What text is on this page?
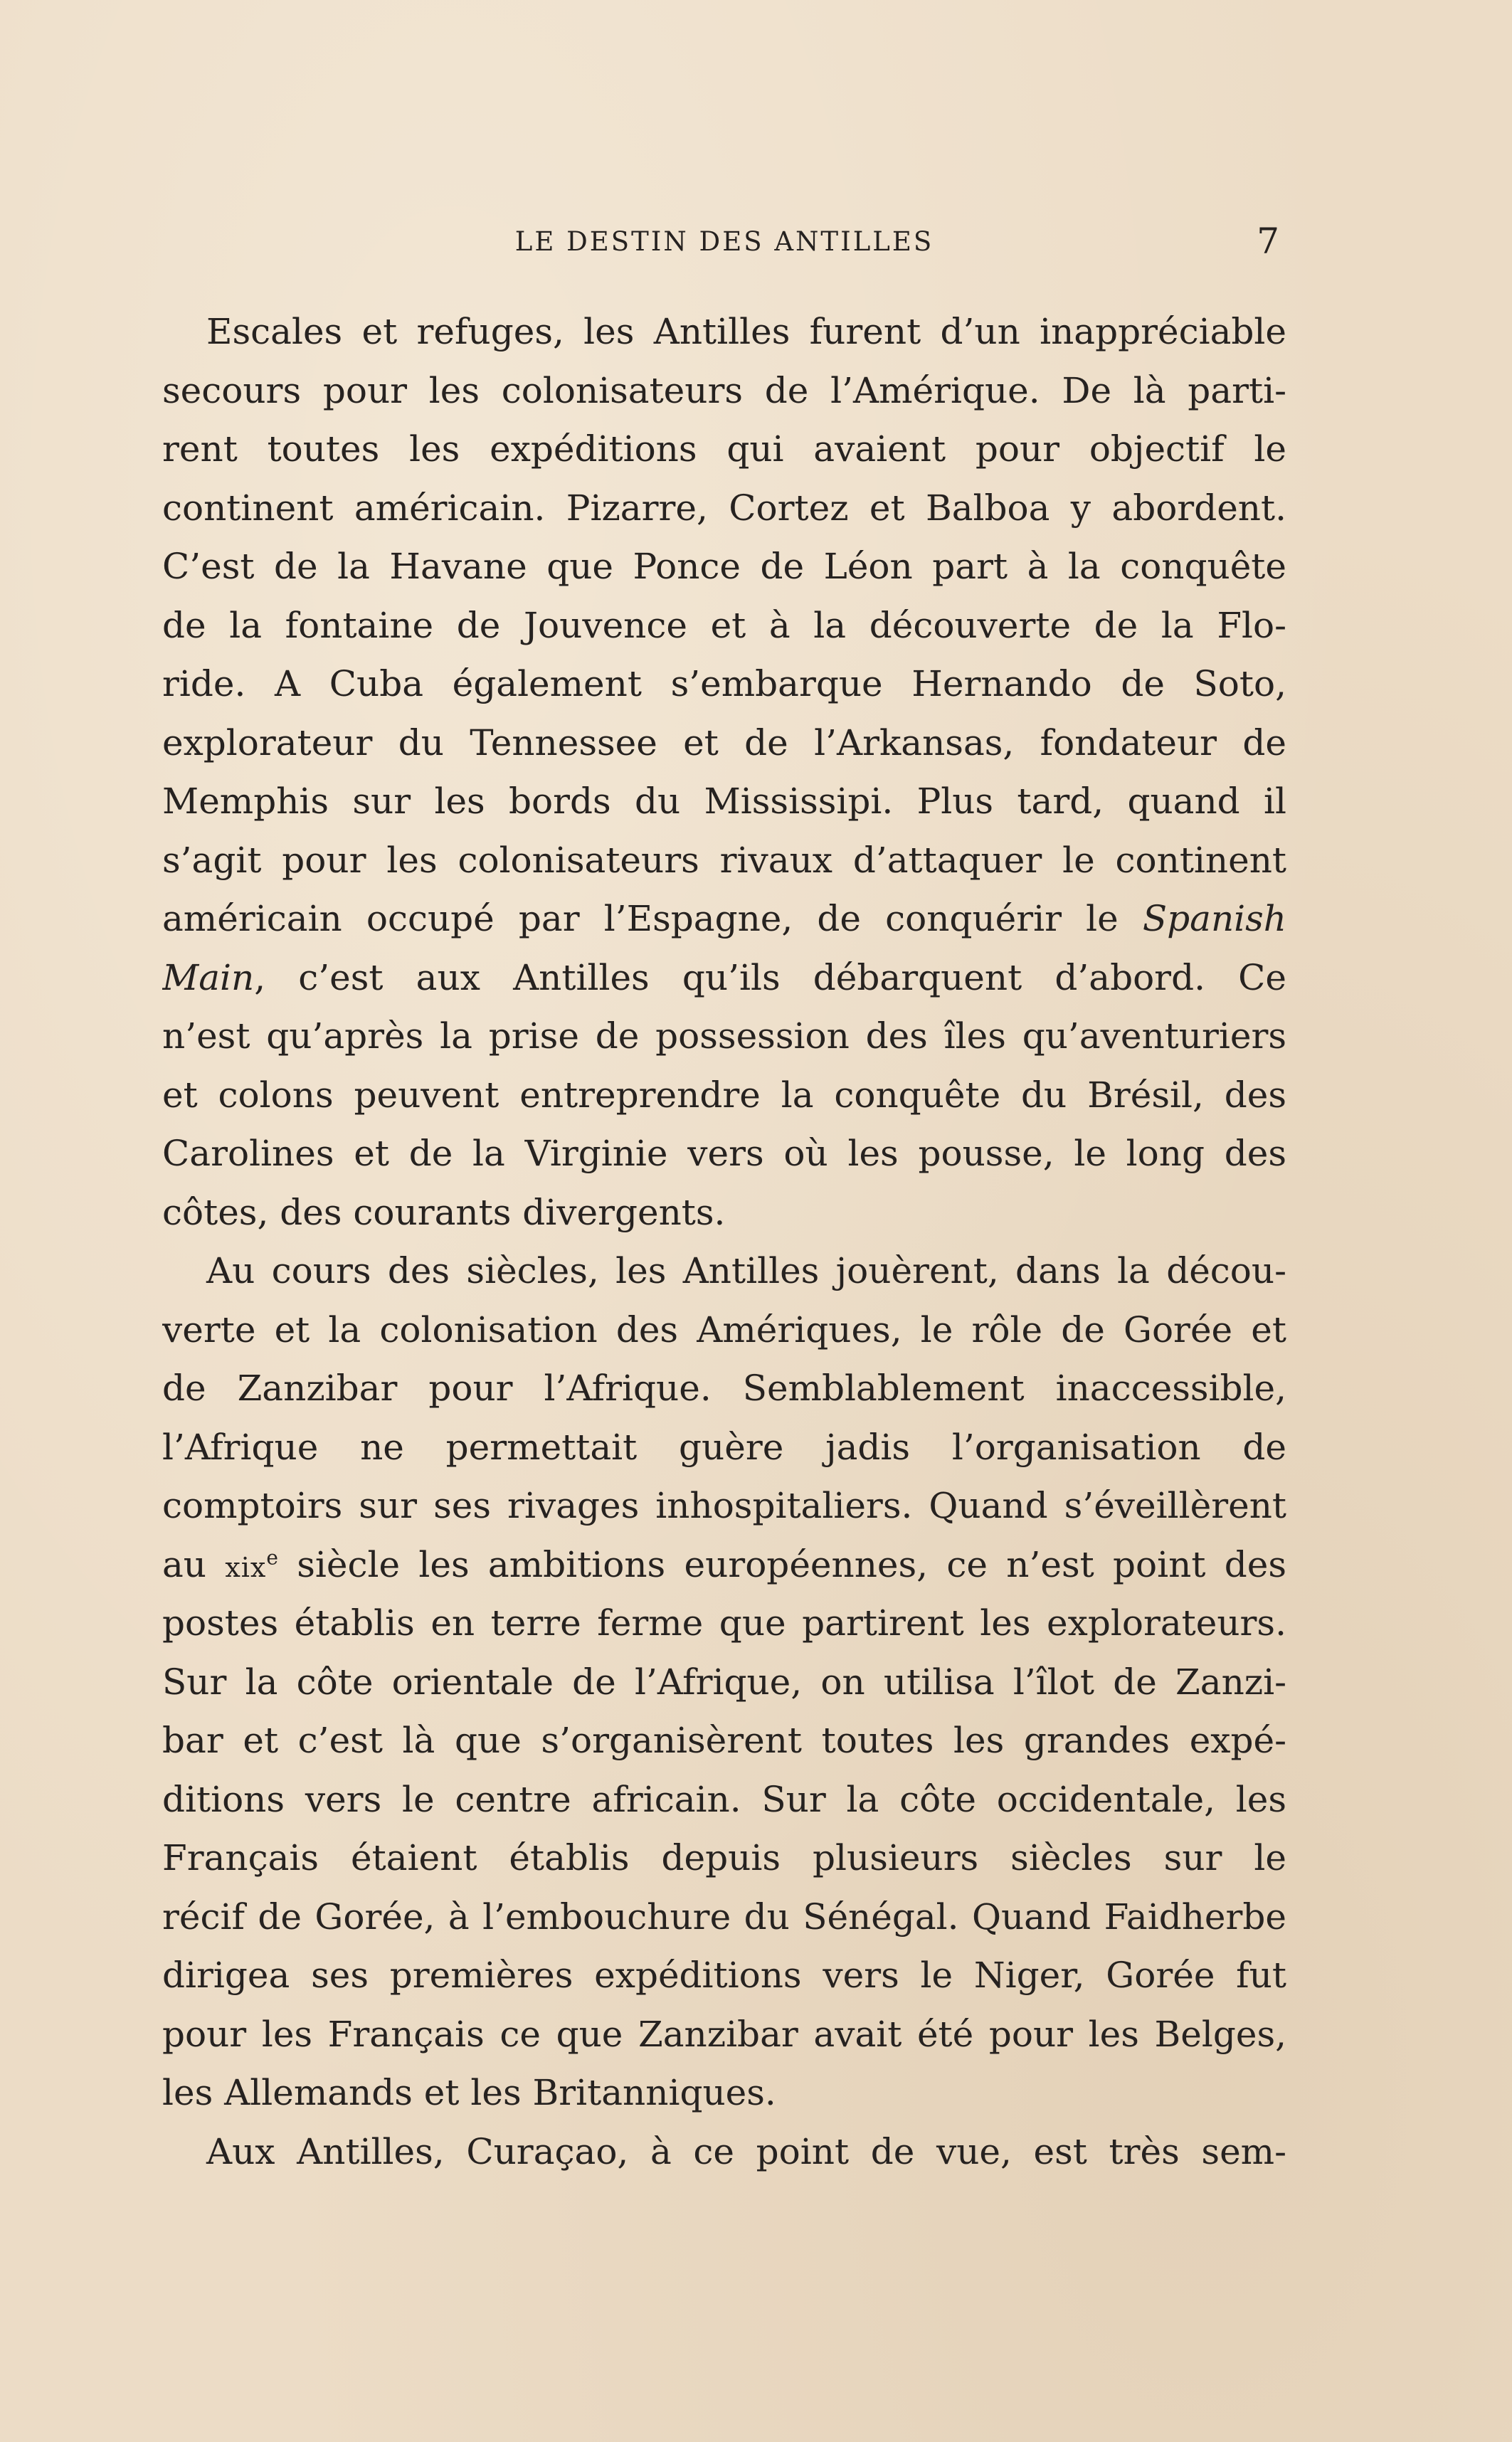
LE DESTIN DES ANTILLES	7
Escales et refuges, les Antilles furent d’un inappréciable
secours pour les colonisateurs de l’Amérique. De là parti-
rent toutes les expéditions qui avaient pour objectif le
continent américain. Pizarre, Cortez et Balboa y abordent.
C’est de la Havane que Ponce de Léon part à la conquête
de la fontaine de Jouvence et à la découverte de la Flo-
ride. A Cuba également s’embarque Hernando de Soto,
explorateur du Tennessee et de l’Arkansas, fondateur de
Memphis sur les bords du Mississipi. Plus tard, quand il
s’agit pour les colonisateurs rivaux d’attaquer le continent
américain occupé par l’Espagne, de conquérir le Spanish
Main, c’est aux Antilles qu’ils débarquent d’abord. Ce
n’est qu’après la prise de possession des îles qu’aventuriers
et colons peuvent entreprendre la conquête du Brésil, des
Carolines et de la Virginie vers où les pousse, le long des
côtes, des courants divergents.
Au cours des siècles, les Antilles jouèrent, dans la décou-
verte et la colonisation des Amériques, le rôle de Gorée et
de Zanzibar pour l’Afrique. Semblablement inaccessible,
l’Afrique ne permettait guère jadis l’organisation de
comptoirs sur ses rivages inhospitaliers. Quand s’éveillèrent
au xix$^e$ siècle les ambitions européennes, ce n’est point des
postes établis en terre ferme que partirent les explorateurs.
Sur la côte orientale de l’Afrique, on utilisa l’îlot de Zanzi-
bar et c’est là que s’organisèrent toutes les grandes expé-
ditions vers le centre africain. Sur la côte occidentale, les
Français étaient établis depuis plusieurs siècles sur le
récif de Gorée, à l’embouchure du Sénégal. Quand Faidherbe
dirigea ses premières expéditions vers le Niger, Gorée fut
pour les Français ce que Zanzibar avait été pour les Belges,
les Allemands et les Britanniques.
Aux Antilles, Curaçao, à ce point de vue, est très sem-
